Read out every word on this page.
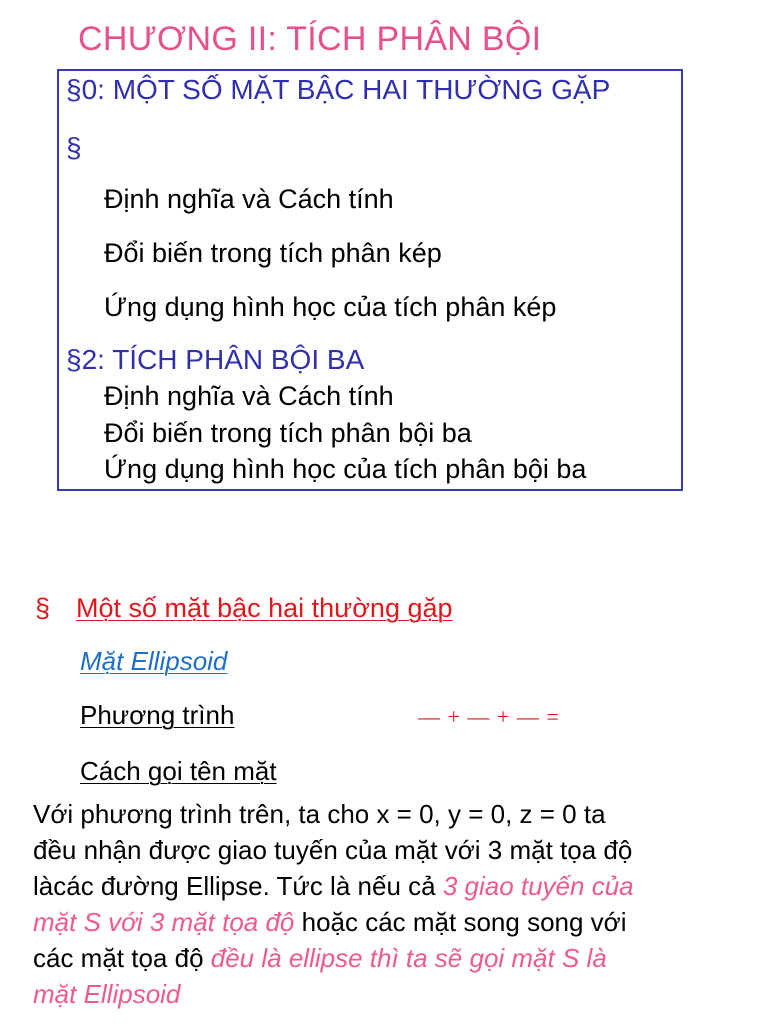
CHƯƠNG II: TÍCH PHÂN BỘI
§0: MỘT SỐ MẶT BẬC HAI THƯỜNG GẶP
§
Định nghĩa và Cách tính
Đổi biến trong tích phân kép
Ứng dụng hình học của tích phân kép
§2: TÍCH PHÂN BỘI BA
Định nghĩa và Cách tính
Đổi biến trong tích phân bội ba
Ứng dụng hình học của tích phân bội ba
§ Một số mặt bậc hai thường gặp
Mặt Ellipsoid
Phương trình	— + — + — =
Cách gọi tên mặt
Với phương trình trên, ta cho x = 0, y = 0, z = 0 ta
đều nhận được giao tuyến của mặt với 3 mặt tọa độ
làcác đường Ellipse. Tức là nếu cả 3 giao tuyến của
mặt S với 3 mặt tọa độ hoặc các mặt song song với
các mặt tọa độ đều là ellipse thì ta sẽ gọi mặt S là
mặt Ellipsoid
